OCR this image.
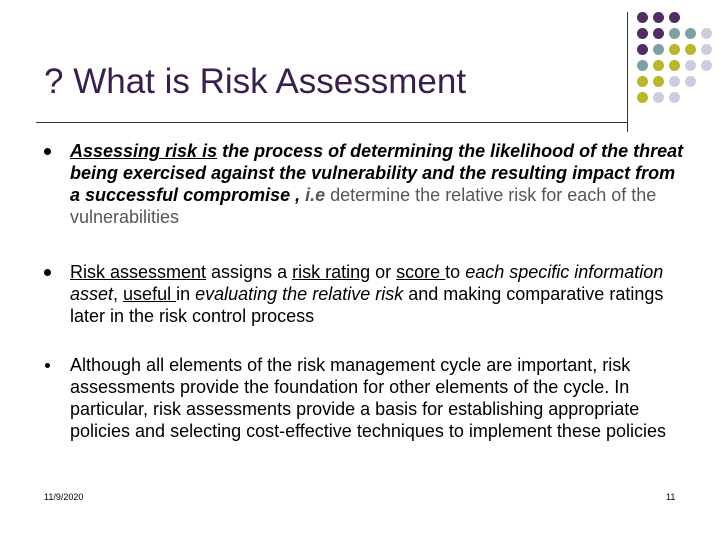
? What is Risk Assessment
Assessing risk is the process of determining the likelihood of the threat being exercised against the vulnerability and the resulting impact from a successful compromise , i.e determine the relative risk for each of the vulnerabilities
Risk assessment assigns a risk rating or score to each specific information asset, useful in evaluating the relative risk and making comparative ratings later in the risk control process
Although all elements of the risk management cycle are important, risk assessments provide the foundation for other elements of the cycle. In particular, risk assessments provide a basis for establishing appropriate policies and selecting cost-effective techniques to implement these policies
11/9/2020	11
